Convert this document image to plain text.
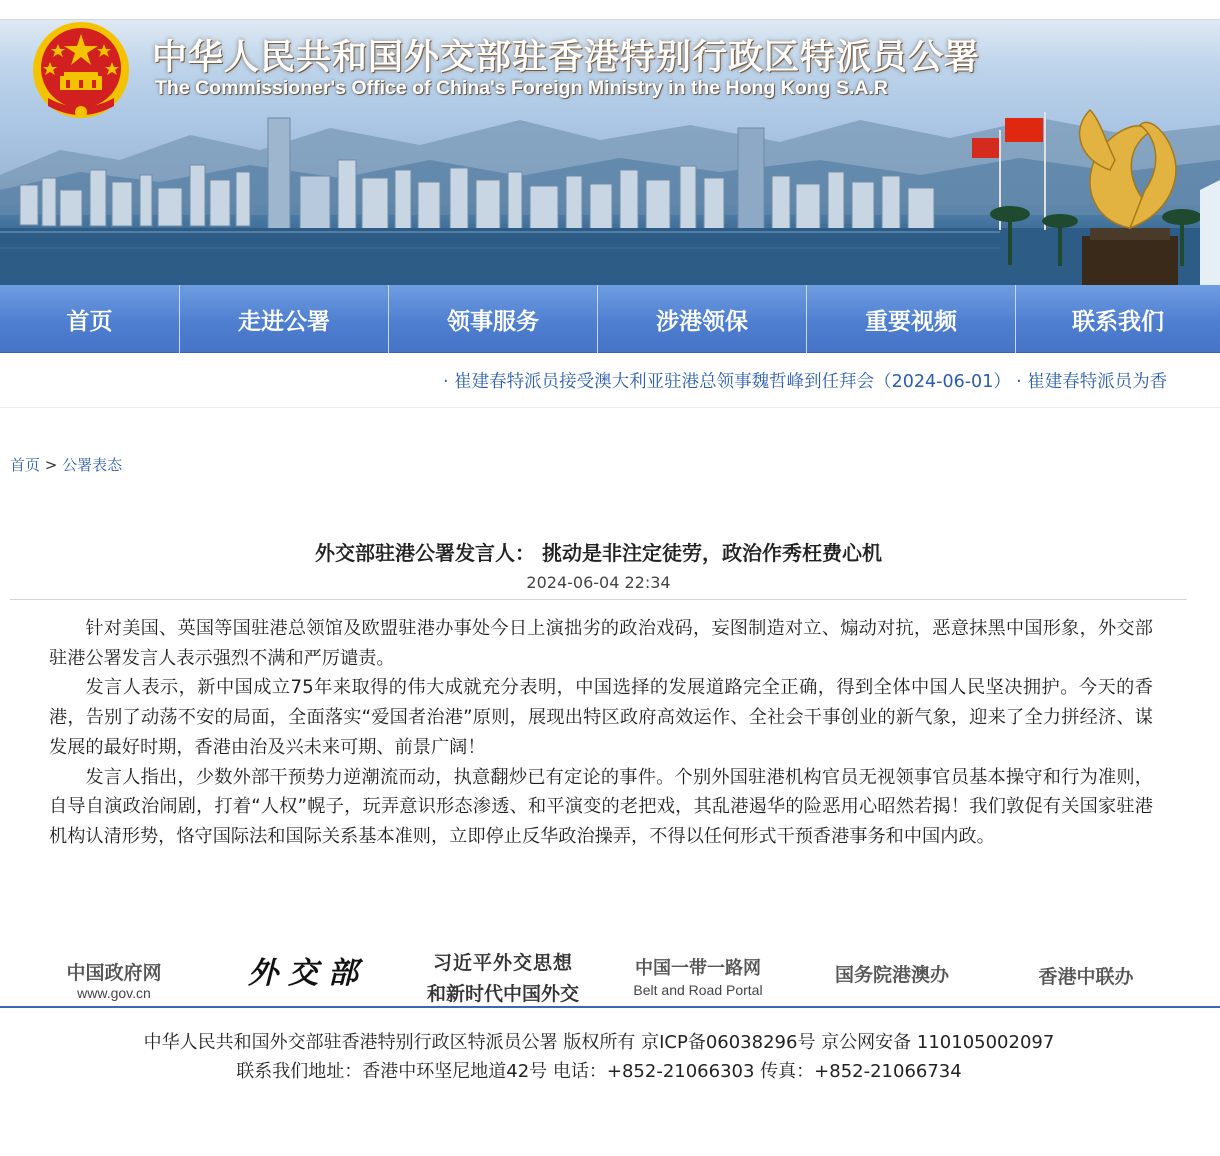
中华人民共和国外交部驻香港特别行政区特派员公署
The Commissioner's Office of China's Foreign Ministry in the Hong Kong S.A.R
首页	走进公署	领事服务	涉港领保	重要视频	联系我们
· 崔建春特派员接受澳大利亚驻港总领事魏哲峰到任拜会（2024-06-01） · 崔建春特派员为香
首页 > 公署表态
外交部驻港公署发言人： 挑动是非注定徒劳，政治作秀枉费心机
2024-06-04 22:34

针对美国、英国等国驻港总领馆及欧盟驻港办事处今日上演拙劣的政治戏码，妄图制造对立、煽动对抗，恶意抹黑中国形象，外交部驻港公署发言人表示强烈不满和严厉谴责。

发言人表示，新中国成立75年来取得的伟大成就充分表明，中国选择的发展道路完全正确，得到全体中国人民坚决拥护。今天的香港，告别了动荡不安的局面，全面落实“爱国者治港”原则，展现出特区政府高效运作、全社会干事创业的新气象，迎来了全力拼经济、谋发展的最好时期，香港由治及兴未来可期、前景广阔！

发言人指出，少数外部干预势力逆潮流而动，执意翻炒已有定论的事件。个别外国驻港机构官员无视领事官员基本操守和行为准则，自导自演政治闹剧，打着“人权”幌子，玩弄意识形态渗透、和平演变的老把戏，其乱港遏华的险恶用心昭然若揭！我们敦促有关国家驻港机构认清形势，恪守国际法和国际关系基本准则，立即停止反华政治操弄，不得以任何形式干预香港事务和中国内政。

中国政府网
www.gov.cn
外交部	习近平外交思想
和新时代中国外交
中国一带一路网
Belt and Road Portal
国务院港澳办	香港中联办
中华人民共和国外交部驻香港特别行政区特派员公署 版权所有 京ICP备06038296号 京公网安备 110105002097
联系我们地址：香港中环坚尼地道42号 电话：+852-21066303 传真：+852-21066734
